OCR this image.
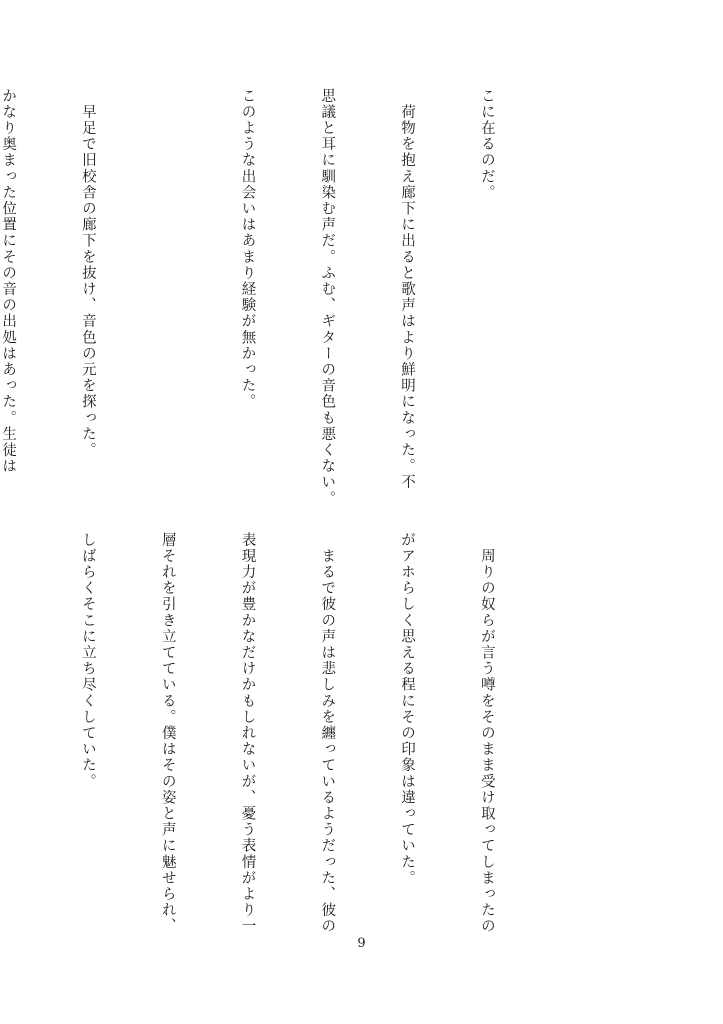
こに在るのだ。

　荷物を抱え廊下に出ると歌声はより鮮明になった。不

思議と耳に馴染む声だ。ふむ、ギターの音色も悪くない。

このような出会いはあまり経験が無かった。

　早足で旧校舎の廊下を抜け、音色の元を探った。

かなり奥まった位置にその音の出処はあった。生徒は

　周りの奴らが言う噂をそのまま受け取ってしまったの

がアホらしく思える程にその印象は違っていた。

　まるで彼の声は悲しみを纏っているようだった、彼の

表現力が豊かなだけかもしれないが、憂う表情がより一

層それを引き立てている。僕はその姿と声に魅せられ、

しばらくそこに立ち尽くしていた。

9
